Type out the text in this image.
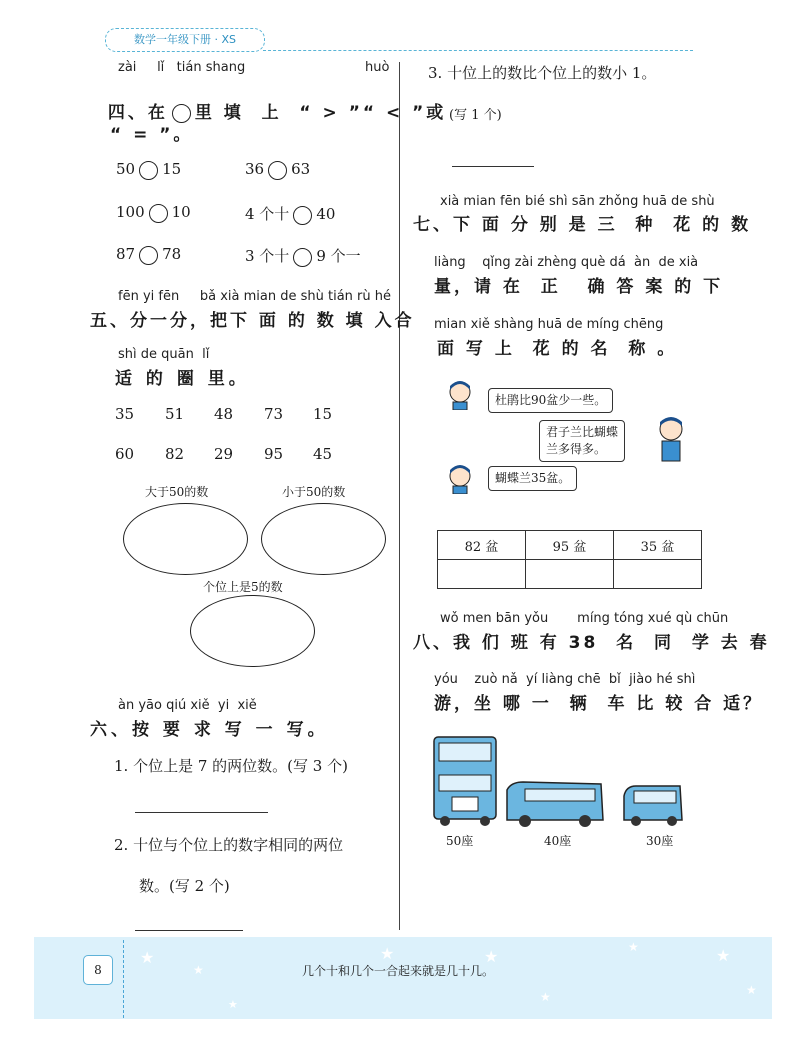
数学一年级下册 · XS
zài     lǐ   tián shang                             huò

四、在 里 填  上  “ > ”“ < ”或

“ = ”。
50 15	36 63
100 10	4 个十 40
87 78	3 个十 9 个一
fēn yi fēn     bǎ xià mian de shù tián rù hé
五、分一分，把下 面 的 数 填 入合
shì de quān  lǐ
适 的 圈 里。
35 51 48 73 15
60 82 29 95 45
大于50的数	小于50的数
个位上是5的数
àn yāo qiú xiě  yi  xiě
六、按 要 求 写 一 写。
1. 个位上是 7 的两位数。(写 3 个)
2. 十位与个位上的数字相同的两位
数。(写 2 个)
3. 十位上的数比个位上的数小 1。
(写 1 个)
xià mian fēn bié shì sān zhǒng huā de shù
七、下 面 分 别 是 三  种  花 的 数
liàng    qǐng zài zhèng què dá  àn  de xià
量，请 在  正   确 答 案 的 下
mian xiě shàng huā de míng chēng
面 写 上  花 的 名  称 。
杜鹃比90盆少一些。
君子兰比蝴蝶
兰多得多。
蝴蝶兰35盆。
82 盆	95 盆	35 盆

wǒ men bān yǒu       míng tóng xué qù chūn
八、我 们 班 有 38  名  同  学 去 春
yóu    zuò nǎ  yí liàng chē  bǐ  jiào hé shì
游，坐 哪 一  辆  车 比 较 合 适？
50座	40座	30座
8	几个十和几个一合起来就是几十几。
★
★
★
★	★
★
★	★
★
